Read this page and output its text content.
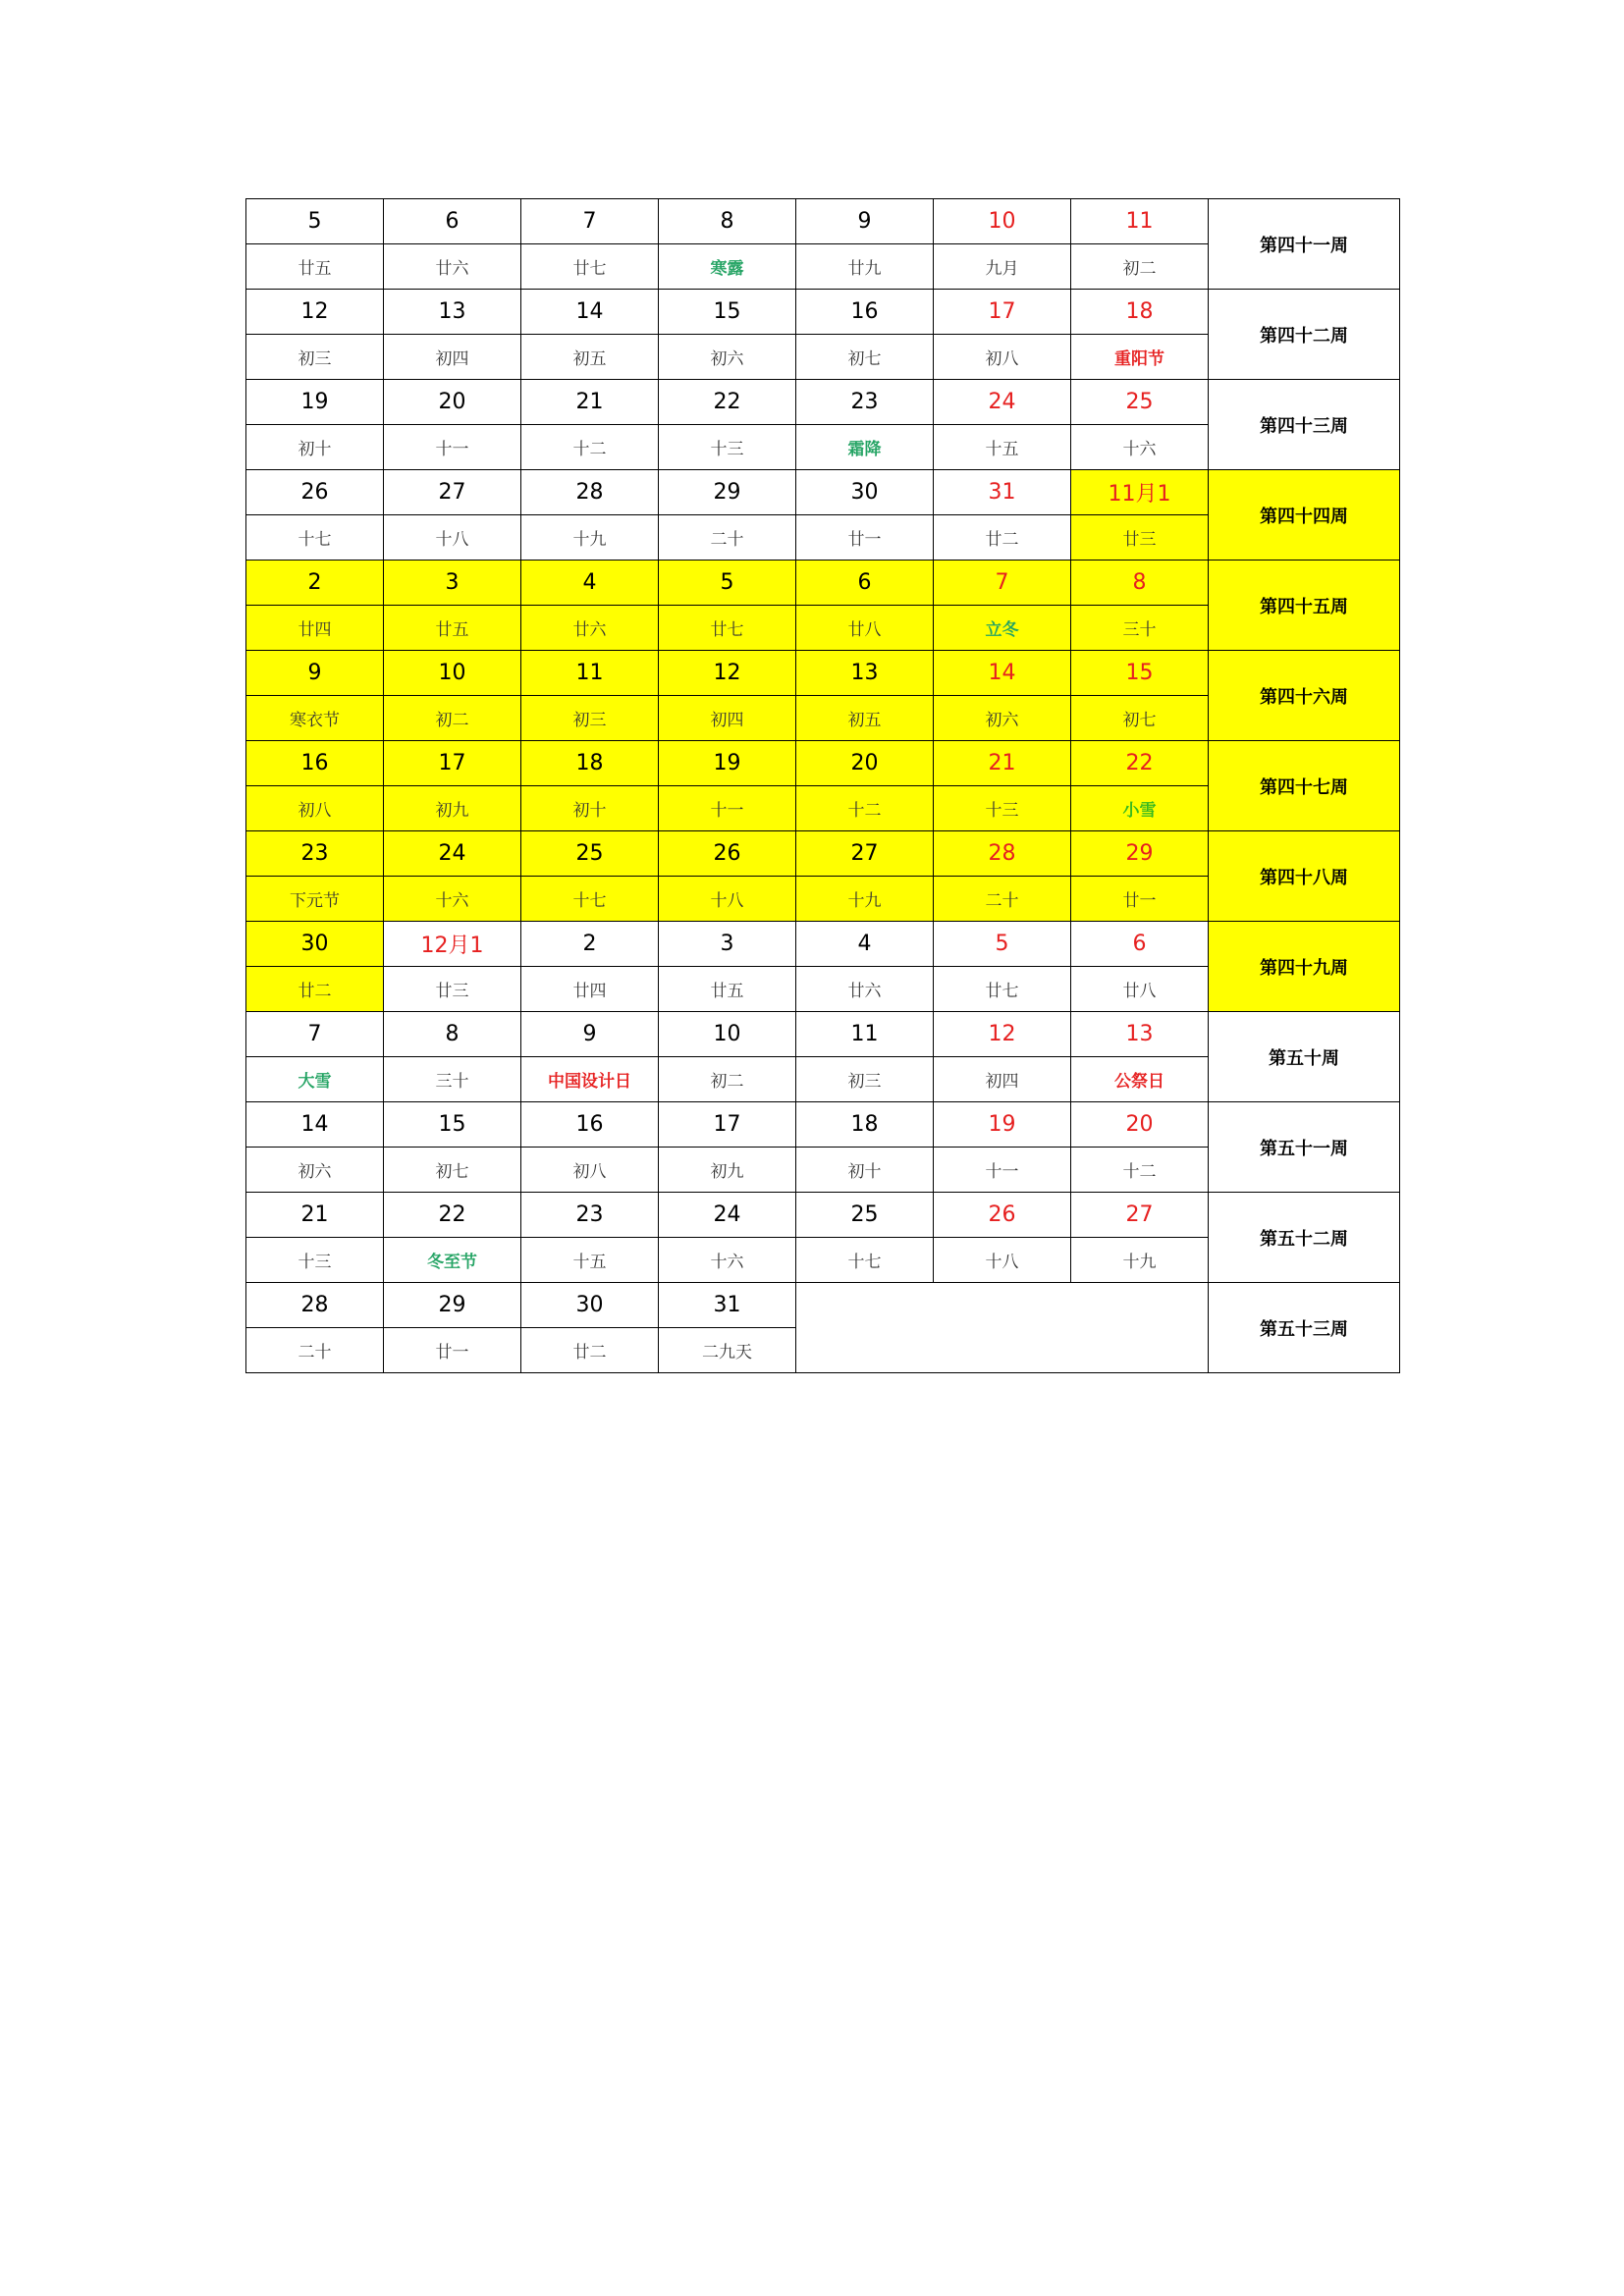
5	6	7	8	9	10	11	第四十一周
廿五	廿六	廿七	寒露	廿九	九月	初二	
12	13	14	15	16	17	18	第四十二周
初三	初四	初五	初六	初七	初八	重阳节	
19	20	21	22	23	24	25	第四十三周
初十	十一	十二	十三	霜降	十五	十六	
26	27	28	29	30	31	11月1	第四十四周
十七	十八	十九	二十	廿一	廿二	廿三	
2	3	4	5	6	7	8	第四十五周
廿四	廿五	廿六	廿七	廿八	立冬	三十	
9	10	11	12	13	14	15	第四十六周
寒衣节	初二	初三	初四	初五	初六	初七	
16	17	18	19	20	21	22	第四十七周
初八	初九	初十	十一	十二	十三	小雪	
23	24	25	26	27	28	29	第四十八周
下元节	十六	十七	十八	十九	二十	廿一	
30	12月1	2	3	4	5	6	第四十九周
廿二	廿三	廿四	廿五	廿六	廿七	廿八	
7	8	9	10	11	12	13	第五十周
大雪	三十	中国设计日	初二	初三	初四	公祭日	
14	15	16	17	18	19	20	第五十一周
初六	初七	初八	初九	初十	十一	十二	
21	22	23	24	25	26	27	第五十二周
十三	冬至节	十五	十六	十七	十八	十九	
28	29	30	31				第五十三周
二十	廿一	廿二	二九天				
